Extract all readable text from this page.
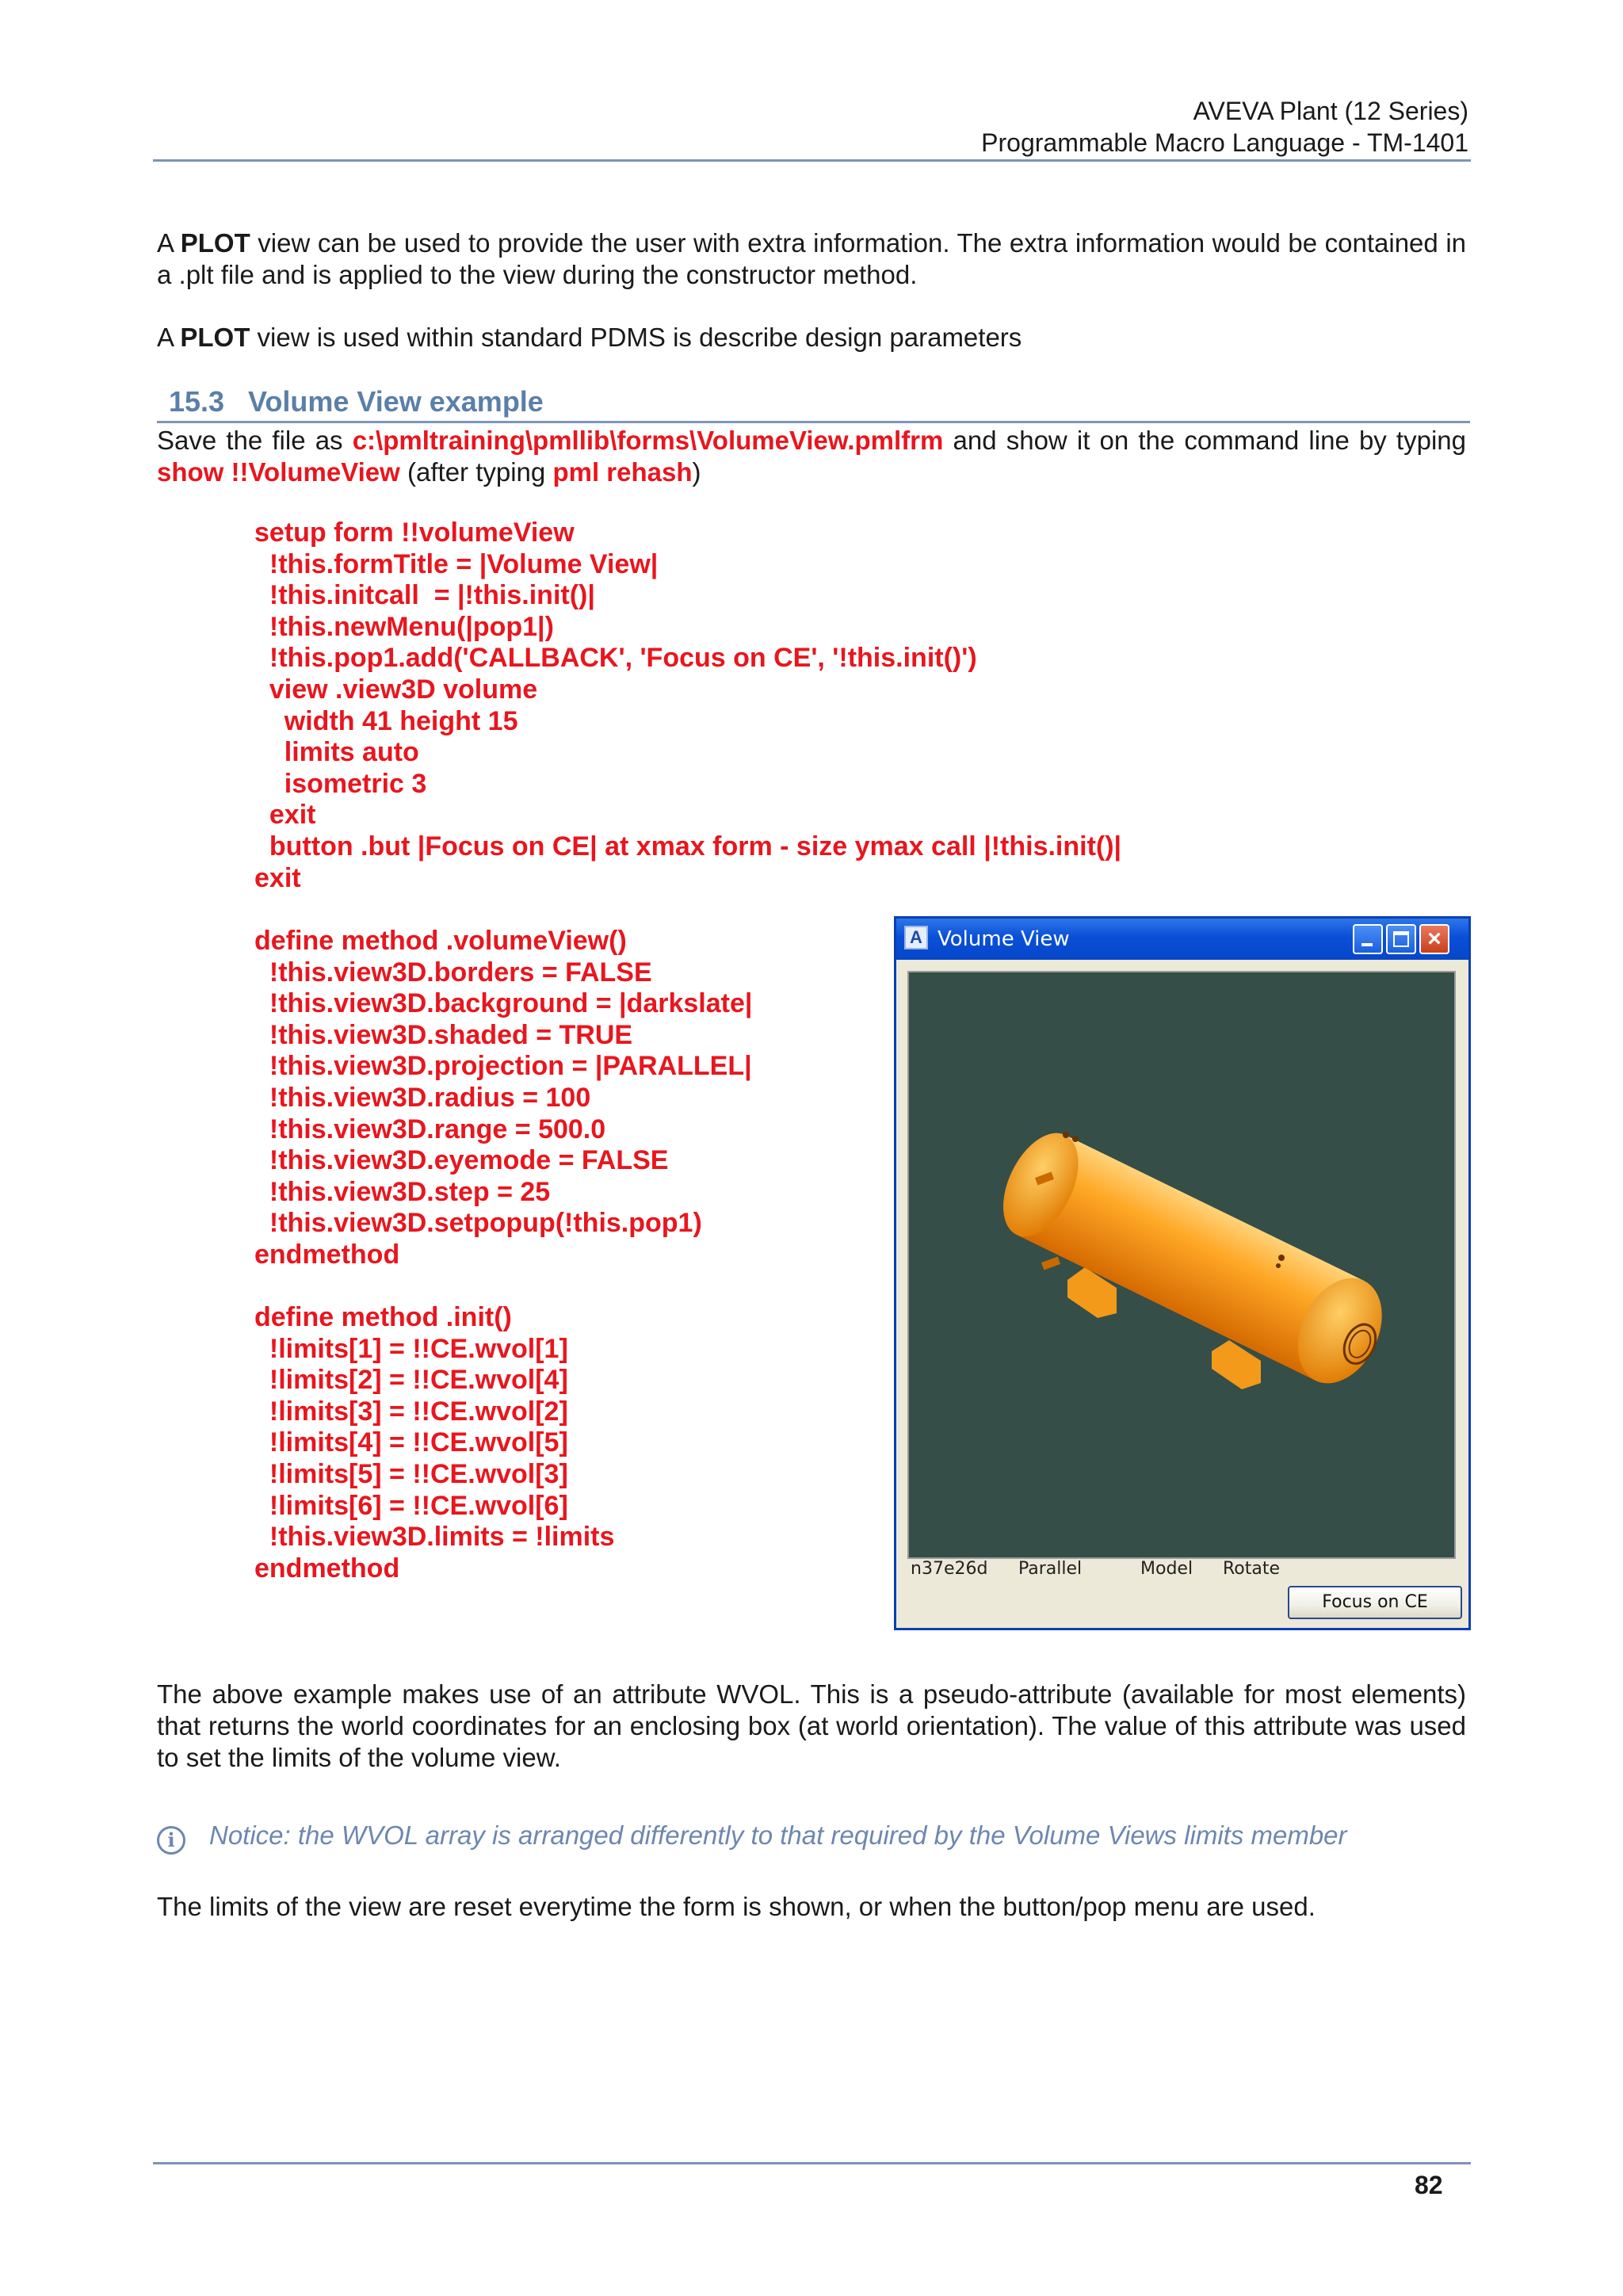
AVEVA Plant (12 Series)
Programmable Macro Language - TM-1401
A PLOT view can be used to provide the user with extra information. The extra information would be contained in a .plt file and is applied to the view during the constructor method.
A PLOT view is used within standard PDMS is describe design parameters
15.3 Volume View example
Save the file as c:\pmltraining\pmllib\forms\VolumeView.pmlfrm and show it on the command line by typing show !!VolumeView (after typing pml rehash)
setup form !!volumeView
!this.formTitle = |Volume View|
!this.initcall  = |!this.init()|
!this.newMenu(|pop1|)
!this.pop1.add('CALLBACK', 'Focus on CE', '!this.init()')
view .view3D volume
width 41 height 15
limits auto
isometric 3
exit
button .but |Focus on CE| at xmax form - size ymax call |!this.init()|
exit
define method .volumeView()
!this.view3D.borders = FALSE
!this.view3D.background = |darkslate|
!this.view3D.shaded = TRUE
!this.view3D.projection = |PARALLEL|
!this.view3D.radius = 100
!this.view3D.range = 500.0
!this.view3D.eyemode = FALSE
!this.view3D.step = 25
!this.view3D.setpopup(!this.pop1)
endmethod
define method .init()
!limits[1] = !!CE.wvol[1]
!limits[2] = !!CE.wvol[4]
!limits[3] = !!CE.wvol[2]
!limits[4] = !!CE.wvol[5]
!limits[5] = !!CE.wvol[3]
!limits[6] = !!CE.wvol[6]
!this.view3D.limits = !limits
endmethod
A Volume View	×
n37e26d Parallel	Model Rotate
Focus on CE
The above example makes use of an attribute WVOL. This is a pseudo-attribute (available for most elements) that returns the world coordinates for an enclosing box (at world orientation). The value of this attribute was used to set the limits of the volume view.
i Notice: the WVOL array is arranged differently to that required by the Volume Views limits member
The limits of the view are reset everytime the form is shown, or when the button/pop menu are used.
82
